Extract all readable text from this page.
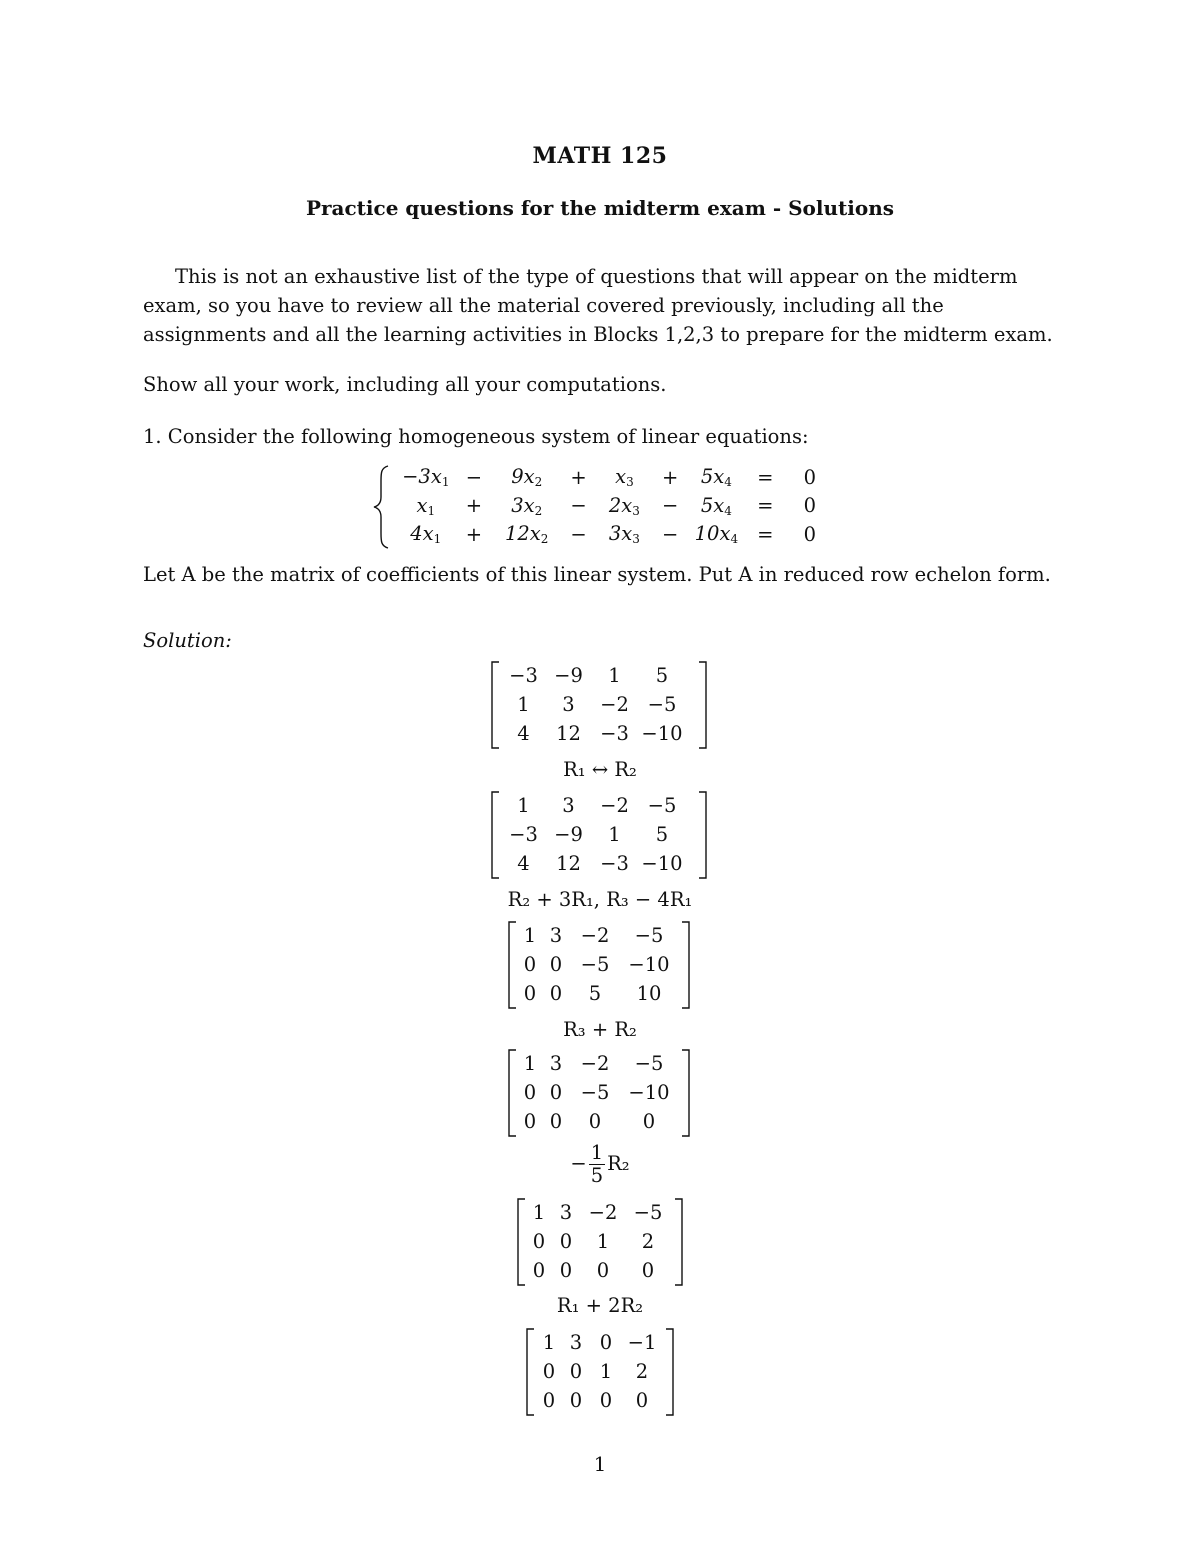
MATH 125
Practice questions for the midterm exam - Solutions
This is not an exhaustive list of the type of questions that will appear on the midterm exam, so you have to review all the material covered previously, including all the assignments and all the learning activities in Blocks 1,2,3 to prepare for the midterm exam.
Show all your work, including all your computations.
1. Consider the following homogeneous system of linear equations:
$-3x_1$	−	$9x_2$	+	$x_3$	+	$5x_4$	=	0
$x_1$	+	$3x_2$	−	$2x_3$	−	$5x_4$	=	0
$4x_1$	+	$12x_2$	−	$3x_3$	−	$10x_4$	=	0
Let A be the matrix of coefficients of this linear system. Put A in reduced row echelon form.
Solution:
−3	−9	1	5
1	3	−2	−5
4	12	−3	−10
R₁ ↔ R₂
1	3	−2	−5
−3	−9	1	5
4	12	−3	−10
R₂ + 3R₁, R₃ − 4R₁
1	3	−2	−5
0	0	−5	−10
0	0	5	10
R₃ + R₂
1	3	−2	−5
0	0	−5	−10
0	0	0	0
− $\frac{1}{5} R_2$
1	3	−2	−5
0	0	1	2
0	0	0	0
R₁ + 2R₂
1	3	0	−1
0	0	1	2
0	0	0	0
1
